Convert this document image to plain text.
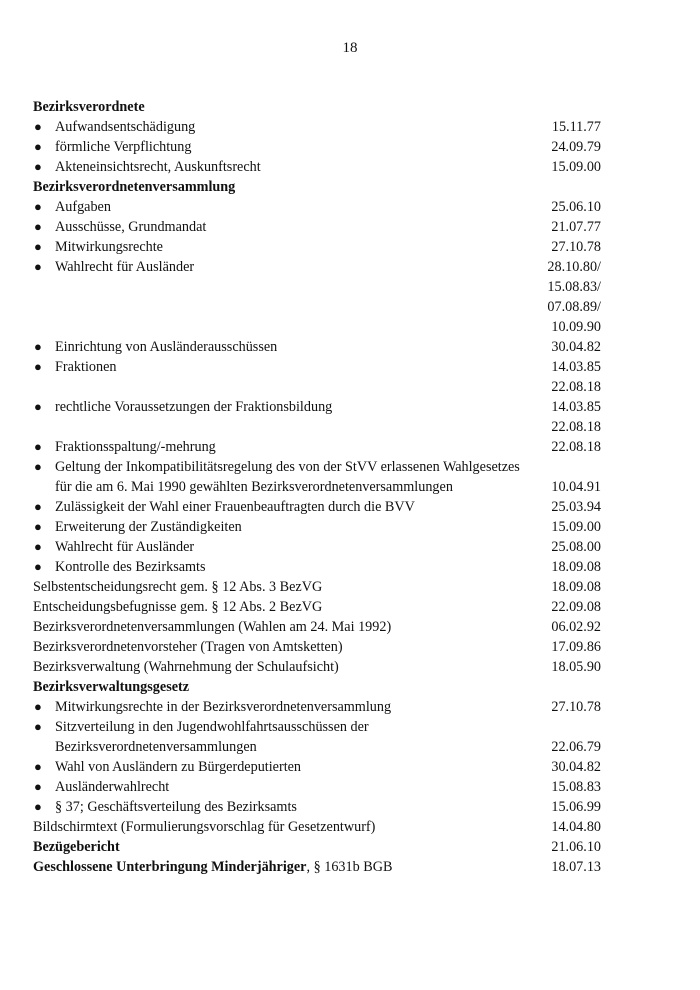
18
Bezirksverordnete
● Aufwandsentschädigung	15.11.77
● förmliche Verpflichtung	24.09.79
● Akteneinsichtsrecht, Auskunftsrecht	15.09.00
Bezirksverordnetenversammlung
● Aufgaben	25.06.10
● Ausschüsse, Grundmandat	21.07.77
● Mitwirkungsrechte	27.10.78
● Wahlrecht für Ausländer	28.10.80/
15.08.83/
07.08.89/
10.09.90
● Einrichtung von Ausländerausschüssen	30.04.82
● Fraktionen	14.03.85
22.08.18
● rechtliche Voraussetzungen der Fraktionsbildung	14.03.85
22.08.18
● Fraktionsspaltung/-mehrung	22.08.18
● Geltung der Inkompatibilitätsregelung des von der StVV erlassenen Wahlgesetzes
für die am 6. Mai 1990 gewählten Bezirksverordnetenversammlungen	10.04.91
● Zulässigkeit der Wahl einer Frauenbeauftragten durch die BVV	25.03.94
● Erweiterung der Zuständigkeiten	15.09.00
● Wahlrecht für Ausländer	25.08.00
● Kontrolle des Bezirksamts	18.09.08
Selbstentscheidungsrecht gem. § 12 Abs. 3 BezVG	18.09.08
Entscheidungsbefugnisse gem. § 12 Abs. 2 BezVG	22.09.08
Bezirksverordnetenversammlungen (Wahlen am 24. Mai 1992)	06.02.92
Bezirksverordnetenvorsteher (Tragen von Amtsketten)	17.09.86
Bezirksverwaltung (Wahrnehmung der Schulaufsicht)	18.05.90
Bezirksverwaltungsgesetz
● Mitwirkungsrechte in der Bezirksverordnetenversammlung	27.10.78
● Sitzverteilung in den Jugendwohlfahrtsausschüssen der
Bezirksverordnetenversammlungen	22.06.79
● Wahl von Ausländern zu Bürgerdeputierten	30.04.82
● Ausländerwahlrecht	15.08.83
● § 37; Geschäftsverteilung des Bezirksamts	15.06.99
Bildschirmtext (Formulierungsvorschlag für Gesetzentwurf)	14.04.80
Bezügebericht	21.06.10
Geschlossene Unterbringung Minderjähriger, § 1631b BGB	18.07.13
